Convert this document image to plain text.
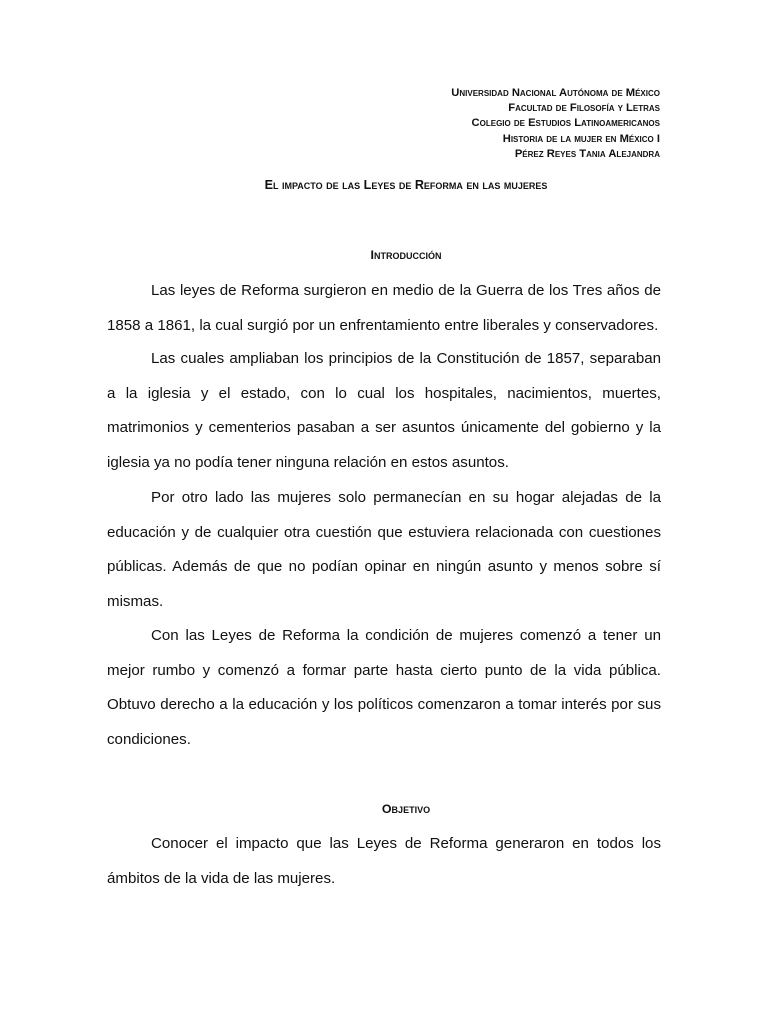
Universidad Nacional Autónoma de México
Facultad de Filosofía y Letras
Colegio de Estudios Latinoamericanos
Historia de la mujer en México I
Pérez Reyes Tania Alejandra
El impacto de las Leyes de Reforma en las mujeres
Introducción

Las leyes de Reforma surgieron en medio de la Guerra de los Tres años de 1858 a 1861, la cual surgió por un enfrentamiento entre liberales y conservadores.

Las cuales ampliaban los principios de la Constitución de 1857, separaban a la iglesia y el estado, con lo cual los hospitales, nacimientos, muertes, matrimonios y cementerios pasaban a ser asuntos únicamente del gobierno y la iglesia ya no podía tener ninguna relación en estos asuntos.

Por otro lado las mujeres solo permanecían en su hogar alejadas de la educación y de cualquier otra cuestión que estuviera relacionada con cuestiones públicas. Además de que no podían opinar en ningún asunto y menos sobre sí mismas.

Con las Leyes de Reforma la condición de mujeres comenzó a tener un mejor rumbo y comenzó a formar parte hasta cierto punto de la vida pública. Obtuvo derecho a la educación y los políticos comenzaron a tomar interés por sus condiciones.

Objetivo

Conocer el impacto que las Leyes de Reforma generaron en todos los ámbitos de la vida de las mujeres.
